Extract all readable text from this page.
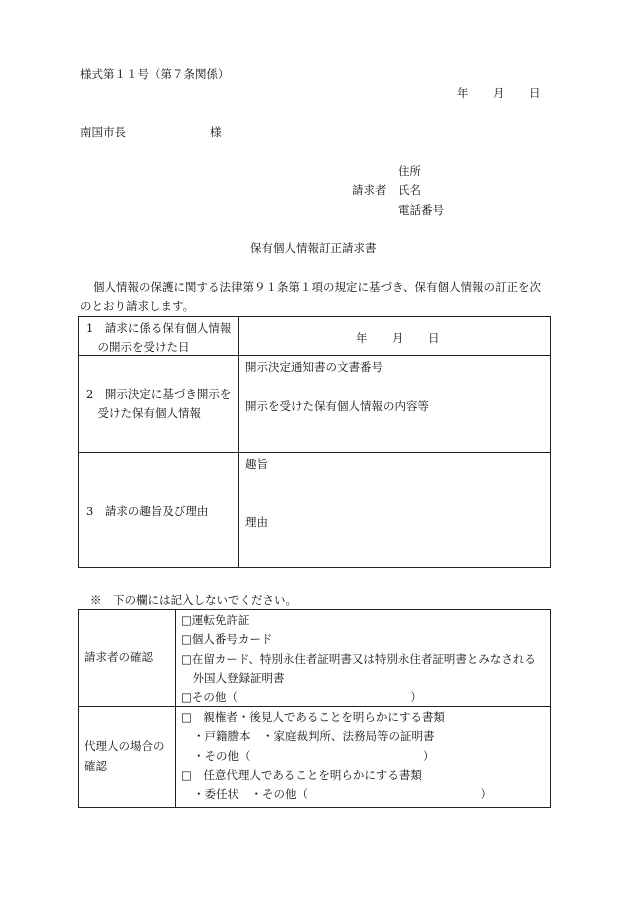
様式第１１号（第７条関係）
年 月 日
南国市長	様
住所
請求者 氏名
電話番号
保有個人情報訂正請求書
個人情報の保護に関する法律第９１条第１項の規定に基づき、保有個人情報の訂正を次
のとおり請求します。
1　請求に係る保有個人情報
　の開示を受けた日	年 月 日

2　開示決定に基づき開示を
　受けた保有個人情報	開示決定通知書の文書番号
開示を受けた保有個人情報の内容等

3　請求の趣旨及び理由	趣旨
理由
※　下の欄には記入しないでください。
請求者の確認	□運転免許証
□個人番号カード
□在留カード、特別永住者証明書又は特別永住者証明書とみなされる
　外国人登録証明書
□その他（　　　　　　　　　　　　　　　）

代理人の場合の
確認	□　親権者・後見人であることを明らかにする書類
・戸籍謄本　・家庭裁判所、法務局等の証明書
・その他（　　　　　　　　　　　　　　　）
□　任意代理人であることを明らかにする書類
・委任状　・その他（　　　　　　　　　　　　　　　）
